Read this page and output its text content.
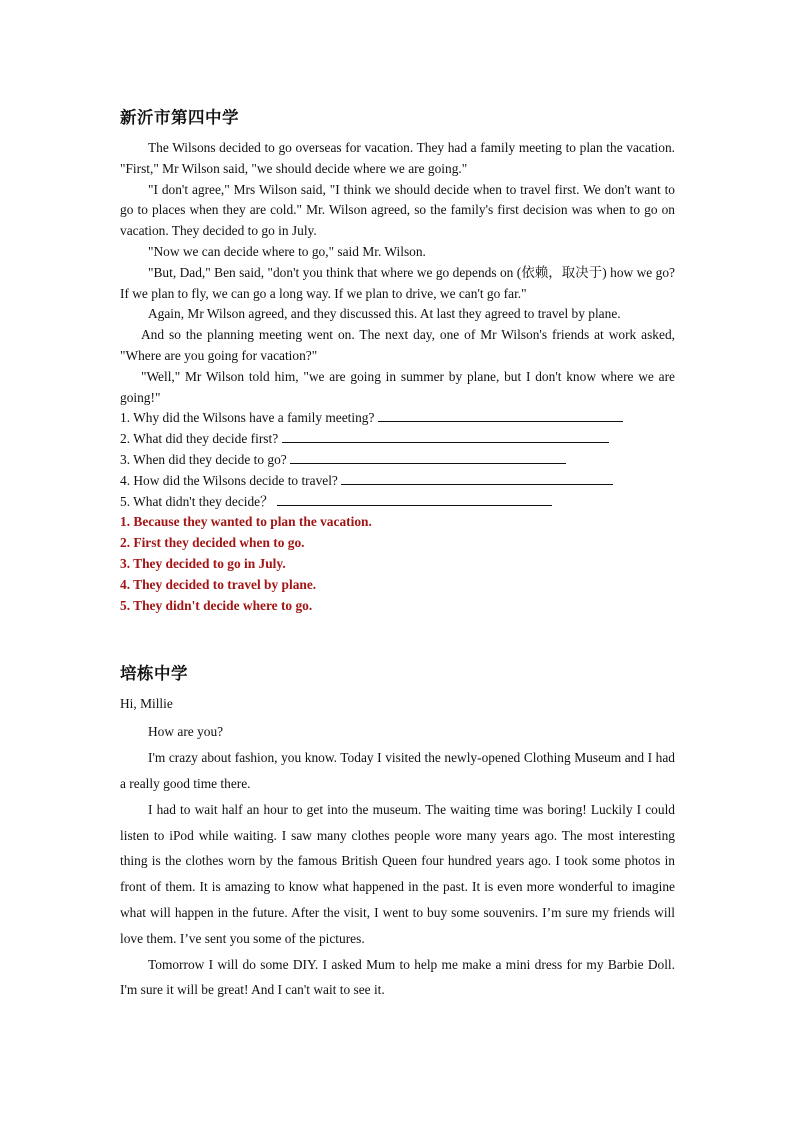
新沂市第四中学

The Wilsons decided to go overseas for vacation. They had a family meeting to plan the vacation. "First," Mr Wilson said, "we should decide where we are going."

"I don't agree," Mrs Wilson said, "I think we should decide when to travel first. We don't want to go to places when they are cold." Mr. Wilson agreed, so the family's first decision was when to go on vacation. They decided to go in July.

"Now we can decide where to go," said Mr. Wilson.

"But, Dad," Ben said, "don't you think that where we go depends on (依赖，取决于) how we go? If we plan to fly, we can go a long way. If we plan to drive, we can't go far."

Again, Mr Wilson agreed, and they discussed this. At last they agreed to travel by plane.

And so the planning meeting went on. The next day, one of Mr Wilson's friends at work asked, "Where are you going for vacation?"

"Well," Mr Wilson told him, "we are going in summer by plane, but I don't know where we are going!"

1. Why did the Wilsons have a family meeting?
2. What did they decide first?
3. When did they decide to go?
4. How did the Wilsons decide to travel?
5. What didn't they decide？

1. Because they wanted to plan the vacation.

2. First they decided when to go.

3. They decided to go in July.

4. They decided to travel by plane.

5. They didn't decide where to go.

培栋中学

Hi, Millie

How are you?

I'm crazy about fashion, you know. Today I visited the newly-opened Clothing Museum and I had a really good time there.

I had to wait half an hour to get into the museum. The waiting time was boring! Luckily I could listen to iPod while waiting. I saw many clothes people wore many years ago. The most interesting thing is the clothes worn by the famous British Queen four hundred years ago. I took some photos in front of them. It is amazing to know what happened in the past. It is even more wonderful to imagine what will happen in the future. After the visit, I went to buy some souvenirs. I’m sure my friends will love them. I’ve sent you some of the pictures.

Tomorrow I will do some DIY. I asked Mum to help me make a mini dress for my Barbie Doll. I'm sure it will be great! And I can't wait to see it.
